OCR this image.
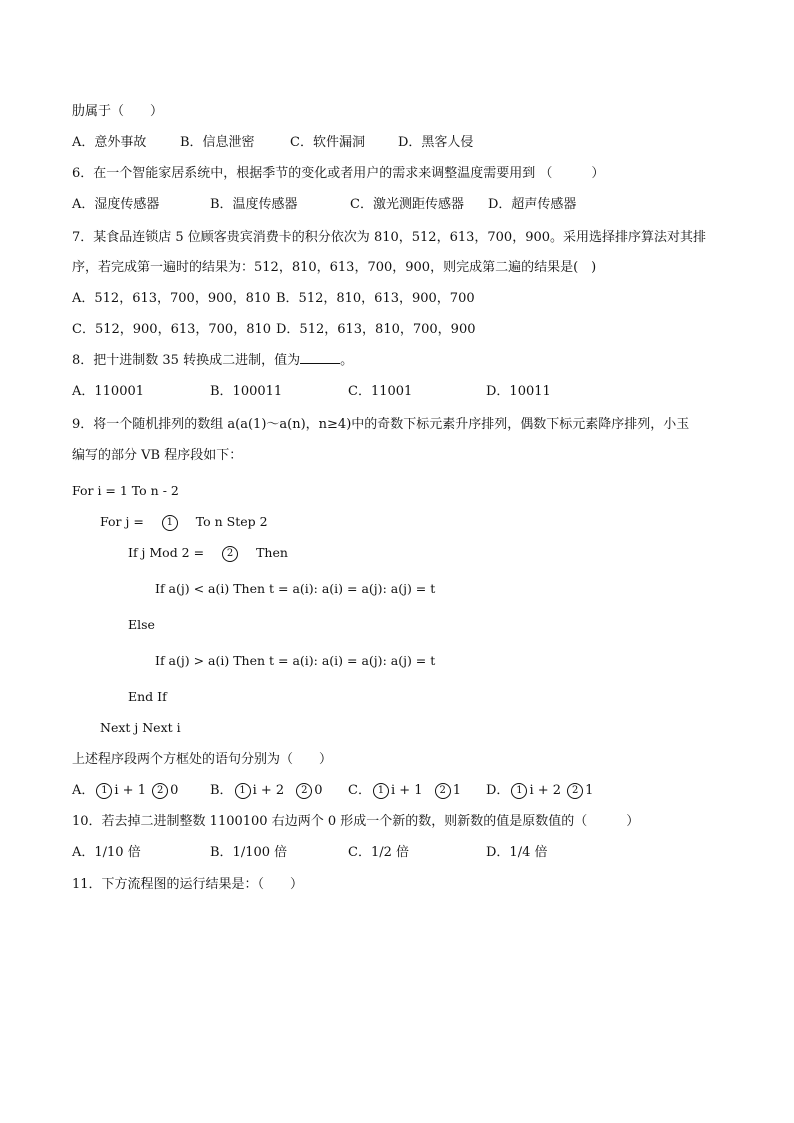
肋属于（　　）
A．意外事故	B．信息泄密	C．软件漏洞	D．黑客人侵
6．在一个智能家居系统中，根据季节的变化或者用户的需求来调整温度需要用到 （　　　）
A．湿度传感器	B．温度传感器	C．激光测距传感器 D．超声传感器
7．某食品连锁店 5 位顾客贵宾消费卡的积分依次为 810，512，613，700，900。采用选择排序算法对其排
序，若完成第一遍时的结果为：512，810，613，700，900，则完成第二遍的结果是(　)
A．512，613，700，900，810 B．512，810，613，900，700
C．512，900，613，700，810 D．512，613，810，700，900
8．把十进制数 35 转换成二进制，值为	。
A．110001	B．100011	C．11001	D．10011
9．将一个随机排列的数组 a(a(1)～a(n)，n≥4)中的奇数下标元素升序排列，偶数下标元素降序排列，小玉
编写的部分 VB 程序段如下：
For i = 1 To n - 2
For j = 1 To n Step 2
If j Mod 2 = 2 Then
If a(j) < a(i) Then t = a(i): a(i) = a(j): a(j) = t
Else
If a(j) > a(i) Then t = a(i): a(i) = a(j): a(j) = t
End If
Next j Next i
上述程序段两个方框处的语句分别为（　　）
A． 1 i + 1 2 0 B． 1 i + 2 2 0 C． 1 i + 1 2 1 D． 1 i + 2 2 1
10．若去掉二进制整数 1100100 右边两个 0 形成一个新的数，则新数的值是原数值的（　　　）
A．1/10 倍	B．1/100 倍	C．1/2 倍	D．1/4 倍
11．下方流程图的运行结果是：（　　）
